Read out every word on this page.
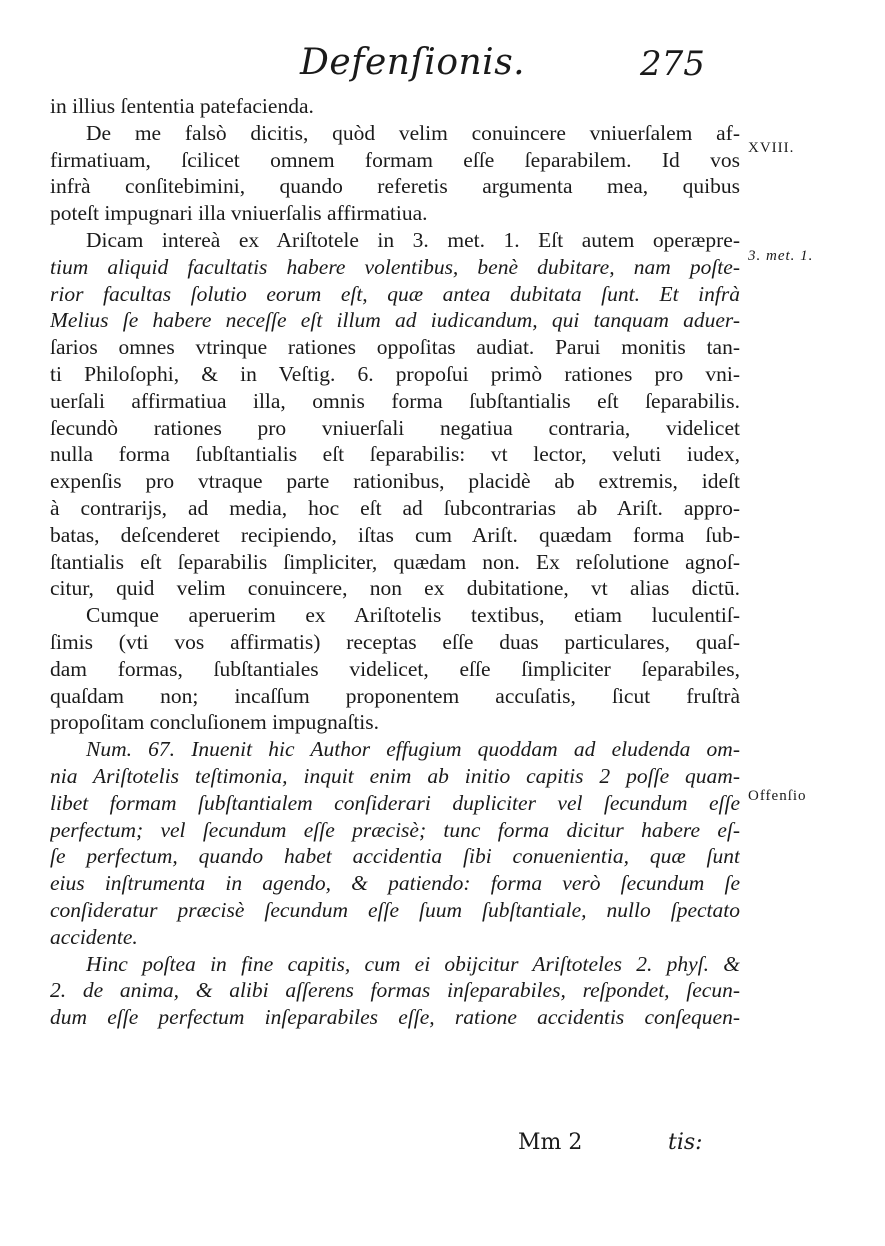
Defenſionis.	275
in illius ſententia patefacienda.
De me falsò dicitis, quòd velim conuincere vniuerſalem af-
firmatiuam, ſcilicet omnem formam eſſe ſeparabilem. Id vos
infrà conſitebimini, quando referetis argumenta mea, quibus
poteſt impugnari illa vniuerſalis affirmatiua.
Dicam intereà ex Ariſtotele in 3. met. 1. Eſt autem operæpre-
tium aliquid facultatis habere volentibus, benè dubitare, nam poſte-
rior facultas ſolutio eorum eſt, quæ antea dubitata ſunt. Et infrà
Melius ſe habere neceſſe eſt illum ad iudicandum, qui tanquam aduer-
ſarios omnes vtrinque rationes oppoſitas audiat. Parui monitis tan-
ti Philoſophi, & in Veſtig. 6. propoſui primò rationes pro vni-
uerſali affirmatiua illa, omnis forma ſubſtantialis eſt ſeparabilis.
ſecundò rationes pro vniuerſali negatiua contraria, videlicet
nulla forma ſubſtantialis eſt ſeparabilis: vt lector, veluti iudex,
expenſis pro vtraque parte rationibus, placidè ab extremis, ideſt
à contrarijs, ad media, hoc eſt ad ſubcontrarias ab Ariſt. appro-
batas, deſcenderet recipiendo, iſtas cum Ariſt. quædam forma ſub-
ſtantialis eſt ſeparabilis ſimpliciter, quædam non. Ex reſolutione agnoſ-
citur, quid velim conuincere, non ex dubitatione, vt alias dictū.
Cumque aperuerim ex Ariſtotelis textibus, etiam luculentiſ-
ſimis (vti vos affirmatis) receptas eſſe duas particulares, quaſ-
dam formas, ſubſtantiales videlicet, eſſe ſimpliciter ſeparabiles,
quaſdam non; incaſſum proponentem accuſatis, ſicut fruſtrà
propoſitam concluſionem impugnaſtis.
Num. 67. Inuenit hic Author effugium quoddam ad eludenda om-
nia Ariſtotelis teſtimonia, inquit enim ab initio capitis 2 poſſe quam-
libet formam ſubſtantialem conſiderari dupliciter vel ſecundum eſſe
perfectum; vel ſecundum eſſe præcisè; tunc forma dicitur habere eſ-
ſe perfectum, quando habet accidentia ſibi conuenientia, quæ ſunt
eius inſtrumenta in agendo, & patiendo: forma verò ſecundum ſe
conſideratur præcisè ſecundum eſſe ſuum ſubſtantiale, nullo ſpectato
accidente.
Hinc poſtea in fine capitis, cum ei obijcitur Ariſtoteles 2. phyſ. &
2. de anima, & alibi aſſerens formas inſeparabiles, reſpondet, ſecun-
dum eſſe perfectum inſeparabiles eſſe, ratione accidentis conſequen-
XVIII.
3. met. 1.
Offenſio
Mm 2	tis:
